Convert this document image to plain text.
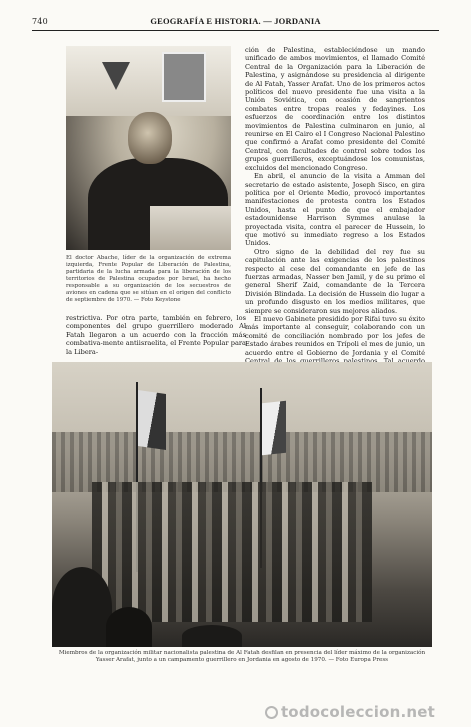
740	GEOGRAFÍA E HISTORIA. — JORDANIA
El doctor Abache, líder de la organización de extrema izquierda, Frente Popular de Liberación de Palestina, partidaria de la lucha armada para la liberación de los territorios de Palestina ocupados por Israel, ha hecho responsable a su organización de los secuestros de aviones en cadena que se sitúan en el origen del conflicto de septiembre de 1970. — Foto Keystone

ción de Palestina, estableciéndose un mando unificado de ambos movimientos, el llamado Comité Central de la Organización para la Liberación de Palestina, y asignándose su presidencia al dirigente de Al Fatah, Yasser Arafat. Uno de los primeros actos políticos del nuevo presidente fue una visita a la Unión Soviética, con ocasión de sangrientos combates entre tropas reales y fedayines. Los esfuerzos de coordinación entre los distintos movimientos de Palestina culminaron en junio, al reunirse en El Cairo el I Congreso Nacional Palestino que confirmó a Arafat como presidente del Comité Central, con facultades de control sobre todos los grupos guerrilleros, exceptuándose los comunistas, excluidos del mencionado Congreso.

En abril, el anuncio de la visita a Amman del secretario de estado asistente, Joseph Sisco, en gira política por el Oriente Medio, provocó importantes manifestaciones de protesta contra los Estados Unidos, hasta el punto de que el embajador estadounidense Harrison Symmes anulase la proyectada visita, contra el parecer de Hussein, lo que motivó su inmediato regreso a los Estados Unidos.

Otro signo de la debilidad del rey fue su capitulación ante las exigencias de los palestinos respecto al cese del comandante en jefe de las fuerzas armadas, Nasser ben Jamil, y de su primo el general Sherif Zaid, comandante de la Tercera División Blindada. La decisión de Hussein dio lugar a un profundo disgusto en los medios militares, que siempre se consideraron sus mejores aliados.

El nuevo Gabinete presidido por Rifai tuvo su éxito más importante al conseguir, colaborando con un comité de conciliación nombrado por los jefes de Estado árabes reunidos en Trípoli el mes de junio, un acuerdo entre el Gobierno de Jordania y el Comité

restrictiva. Por otra parte, también en febrero, los componentes del grupo guerrillero moderado Al Fatah llegaron a un acuerdo con la fracción más combativa-mente antiisraelita, el Frente Popular para la Libera-

Miembros de la organización militar nacionalista palestina de Al Fatah desfilan en presencia del líder máximo de la organización Yasser Arafat, junto a un campamento guerrillero en Jordania en agosto de 1970. — Foto Europa Press
todocoleccion.net
